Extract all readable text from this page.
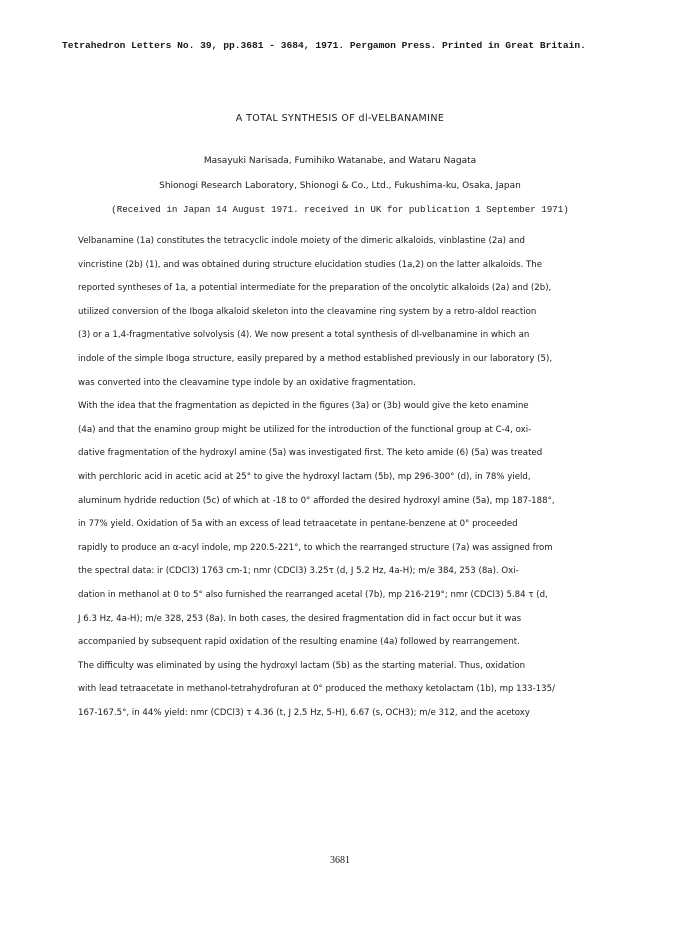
Tetrahedron Letters No. 39, pp.3681 - 3684, 1971. Pergamon Press. Printed in Great Britain.
A TOTAL SYNTHESIS OF dl-VELBANAMINE
Masayuki Narisada, Fumihiko Watanabe, and Wataru Nagata
Shionogi Research Laboratory, Shionogi & Co., Ltd., Fukushima-ku, Osaka, Japan
(Received in Japan 14 August 1971. received in UK for publication 1 September 1971)
Velbanamine (1a) constitutes the tetracyclic indole moiety of the dimeric alkaloids, vinblastine (2a) and
vincristine (2b) (1), and was obtained during structure elucidation studies (1a,2) on the latter alkaloids. The
reported syntheses of 1a, a potential intermediate for the preparation of the oncolytic alkaloids (2a) and (2b),
utilized conversion of the Iboga alkaloid skeleton into the cleavamine ring system by a retro-aldol reaction
(3) or a 1,4-fragmentative solvolysis (4). We now present a total synthesis of dl-velbanamine in which an
indole of the simple Iboga structure, easily prepared by a method established previously in our laboratory (5),
was converted into the cleavamine type indole by an oxidative fragmentation.
With the idea that the fragmentation as depicted in the figures (3a) or (3b) would give the keto enamine
(4a) and that the enamino group might be utilized for the introduction of the functional group at C-4, oxi-
dative fragmentation of the hydroxyl amine (5a) was investigated first. The keto amide (6) (5a) was treated
with perchloric acid in acetic acid at 25° to give the hydroxyl lactam (5b), mp 296-300° (d), in 78% yield,
aluminum hydride reduction (5c) of which at -18 to 0° afforded the desired hydroxyl amine (5a), mp 187-188°,
in 77% yield. Oxidation of 5a with an excess of lead tetraacetate in pentane-benzene at 0° proceeded
rapidly to produce an α-acyl indole, mp 220.5-221°, to which the rearranged structure (7a) was assigned from
the spectral data: ir (CDCl3) 1763 cm-1; nmr (CDCl3) 3.25τ (d, J 5.2 Hz, 4a-H); m/e 384, 253 (8a). Oxi-
dation in methanol at 0 to 5° also furnished the rearranged acetal (7b), mp 216-219°; nmr (CDCl3) 5.84 τ (d,
J 6.3 Hz, 4a-H); m/e 328, 253 (8a). In both cases, the desired fragmentation did in fact occur but it was
accompanied by subsequent rapid oxidation of the resulting enamine (4a) followed by rearrangement.
The difficulty was eliminated by using the hydroxyl lactam (5b) as the starting material. Thus, oxidation
with lead tetraacetate in methanol-tetrahydrofuran at 0° produced the methoxy ketolactam (1b), mp 133-135/
167-167.5°, in 44% yield: nmr (CDCl3) τ 4.36 (t, J 2.5 Hz, 5-H), 6.67 (s, OCH3); m/e 312, and the acetoxy
3681
